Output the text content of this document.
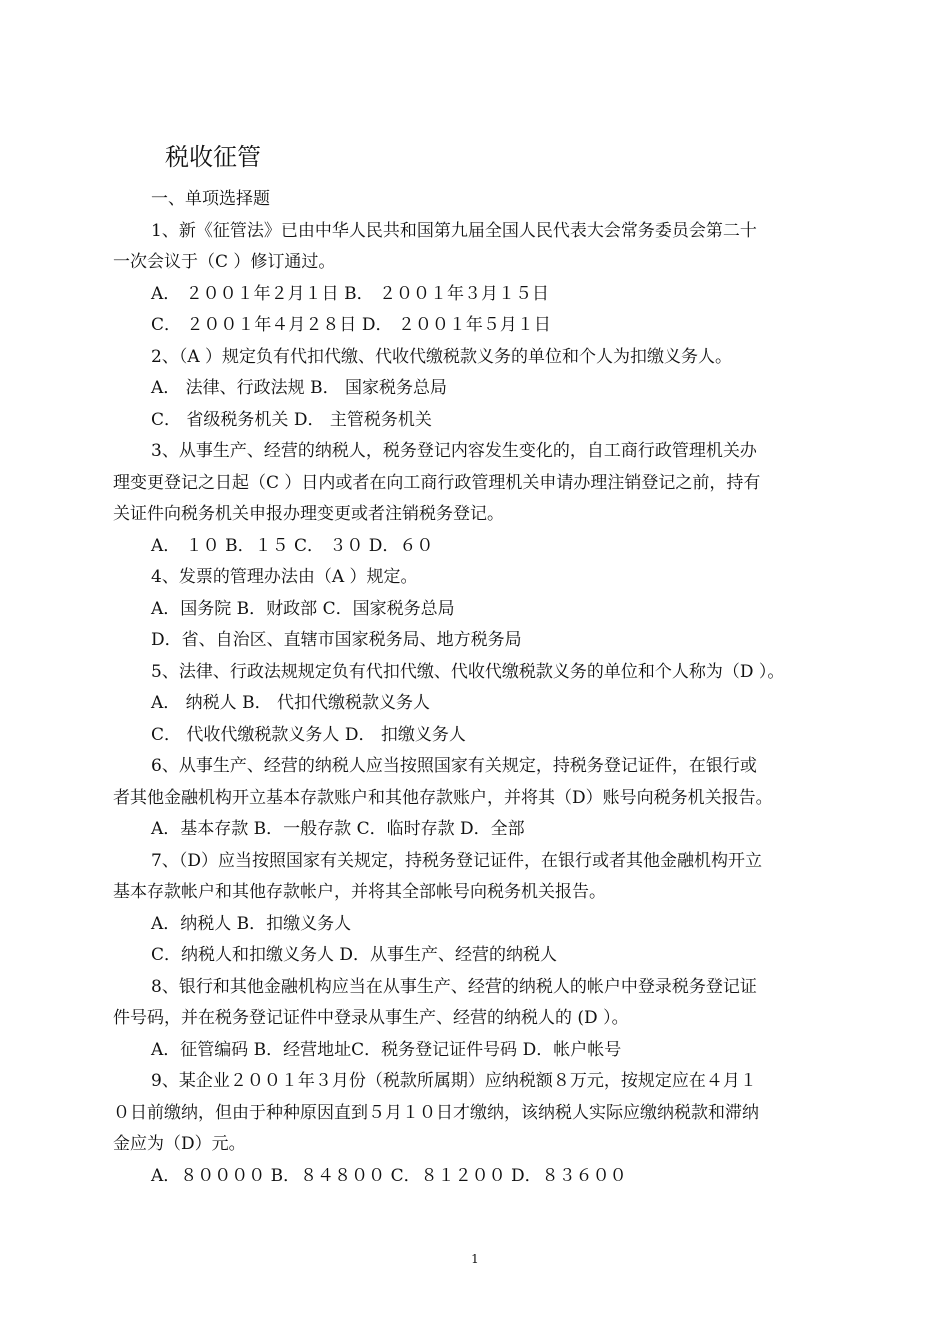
税收征管
一、单项选择题
1、新《征管法》已由中华人民共和国第九届全国人民代表大会常务委员会第二十
一次会议于（C ）修订通过。
A． ２００１年２月１日 B． ２００１年３月１５日
C． ２００１年４月２８日 D． ２００１年５月１日
2、（A ）规定负有代扣代缴、代收代缴税款义务的单位和个人为扣缴义务人。
A． 法律、行政法规 B． 国家税务总局
C． 省级税务机关 D． 主管税务机关
3、从事生产、经营的纳税人，税务登记内容发生变化的，自工商行政管理机关办
理变更登记之日起（C ）日内或者在向工商行政管理机关申请办理注销登记之前，持有
关证件向税务机关申报办理变更或者注销税务登记。
A． １０ B．１５ C． ３０ D．６０
4、发票的管理办法由（A ）规定。
A．国务院 B．财政部 C．国家税务总局
D．省、自治区、直辖市国家税务局、地方税务局
5、法律、行政法规规定负有代扣代缴、代收代缴税款义务的单位和个人称为（D ）。
A． 纳税人 B． 代扣代缴税款义务人
C． 代收代缴税款义务人 D． 扣缴义务人
6、从事生产、经营的纳税人应当按照国家有关规定，持税务登记证件，在银行或
者其他金融机构开立基本存款账户和其他存款账户，并将其（D）账号向税务机关报告。
A．基本存款 B．一般存款 C．临时存款 D．全部
7、（D）应当按照国家有关规定，持税务登记证件，在银行或者其他金融机构开立
基本存款帐户和其他存款帐户，并将其全部帐号向税务机关报告。
A．纳税人 B．扣缴义务人
C．纳税人和扣缴义务人 D．从事生产、经营的纳税人
8、银行和其他金融机构应当在从事生产、经营的纳税人的帐户中登录税务登记证
件号码，并在税务登记证件中登录从事生产、经营的纳税人的 (D ）。
A．征管编码 B．经营地址C．税务登记证件号码 D．帐户帐号
9、某企业２００１年３月份（税款所属期）应纳税额８万元，按规定应在４月１
０日前缴纳，但由于种种原因直到５月１０日才缴纳，该纳税人实际应缴纳税款和滞纳
金应为（D）元。
A．８００００ B．８４８００ C．８１２００ D．８３６００
1
